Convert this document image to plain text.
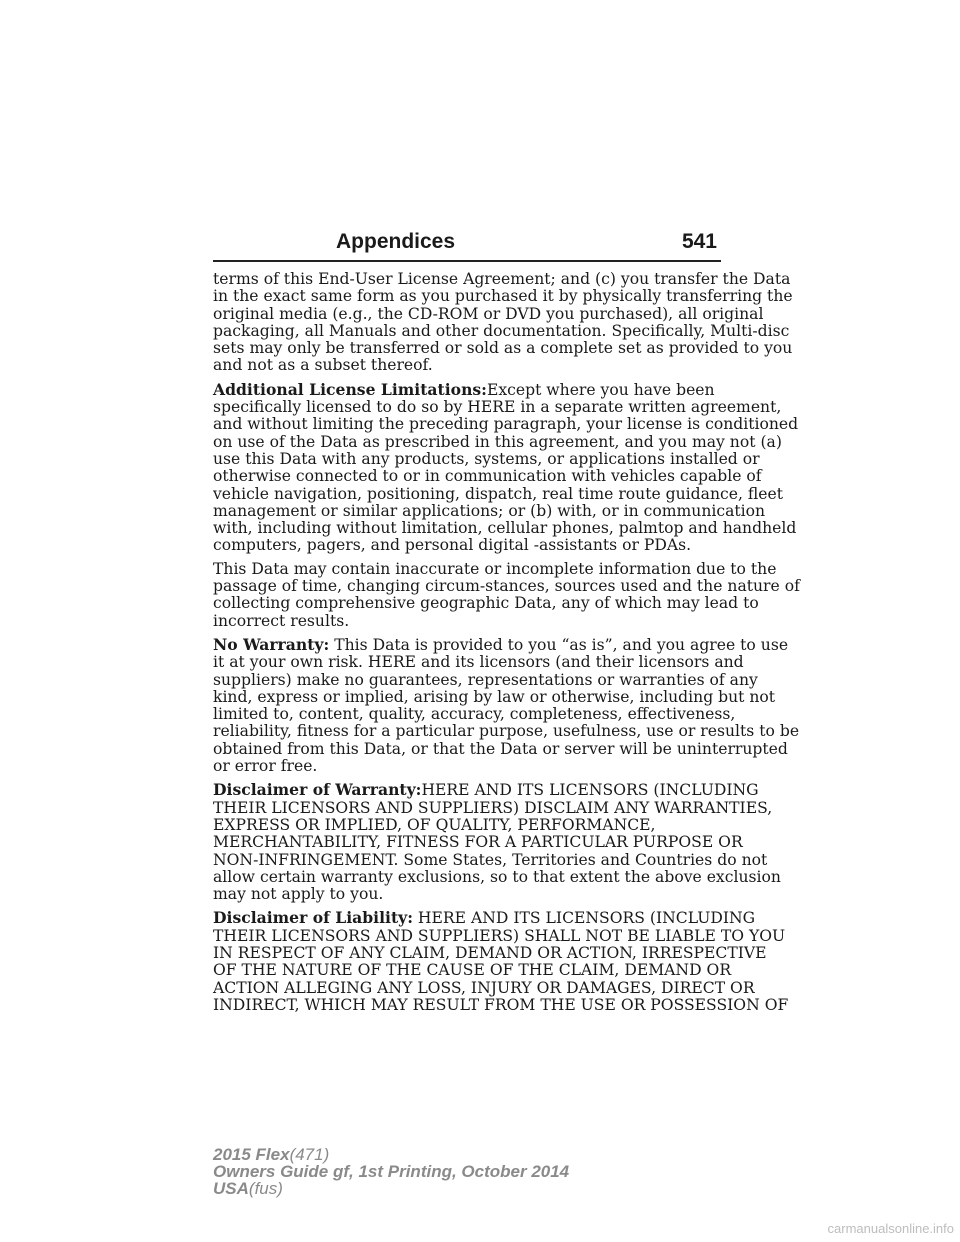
Appendices	541

terms of this End-User License Agreement; and (c) you transfer the Data
in the exact same form as you purchased it by physically transferring the
original media (e.g., the CD-ROM or DVD you purchased), all original
packaging, all Manuals and other documentation. Specifically, Multi-disc
sets may only be transferred or sold as a complete set as provided to you
and not as a subset thereof.

Additional License Limitations:Except where you have been
specifically licensed to do so by HERE in a separate written agreement,
and without limiting the preceding paragraph, your license is conditioned
on use of the Data as prescribed in this agreement, and you may not (a)
use this Data with any products, systems, or applications installed or
otherwise connected to or in communication with vehicles capable of
vehicle navigation, positioning, dispatch, real time route guidance, fleet
management or similar applications; or (b) with, or in communication
with, including without limitation, cellular phones, palmtop and handheld
computers, pagers, and personal digital -assistants or PDAs.

This Data may contain inaccurate or incomplete information due to the
passage of time, changing circum-stances, sources used and the nature of
collecting comprehensive geographic Data, any of which may lead to
incorrect results.

No Warranty: This Data is provided to you “as is”, and you agree to use
it at your own risk. HERE and its licensors (and their licensors and
suppliers) make no guarantees, representations or warranties of any
kind, express or implied, arising by law or otherwise, including but not
limited to, content, quality, accuracy, completeness, effectiveness,
reliability, fitness for a particular purpose, usefulness, use or results to be
obtained from this Data, or that the Data or server will be uninterrupted
or error free.

Disclaimer of Warranty:HERE AND ITS LICENSORS (INCLUDING
THEIR LICENSORS AND SUPPLIERS) DISCLAIM ANY WARRANTIES,
EXPRESS OR IMPLIED, OF QUALITY, PERFORMANCE,
MERCHANTABILITY, FITNESS FOR A PARTICULAR PURPOSE OR
NON-INFRINGEMENT. Some States, Territories and Countries do not
allow certain warranty exclusions, so to that extent the above exclusion
may not apply to you.

Disclaimer of Liability: HERE AND ITS LICENSORS (INCLUDING
THEIR LICENSORS AND SUPPLIERS) SHALL NOT BE LIABLE TO YOU
IN RESPECT OF ANY CLAIM, DEMAND OR ACTION, IRRESPECTIVE
OF THE NATURE OF THE CAUSE OF THE CLAIM, DEMAND OR
ACTION ALLEGING ANY LOSS, INJURY OR DAMAGES, DIRECT OR
INDIRECT, WHICH MAY RESULT FROM THE USE OR POSSESSION OF

2015 Flex(471)
Owners Guide gf, 1st Printing, October 2014
USA(fus)
carmanualsonline.info
